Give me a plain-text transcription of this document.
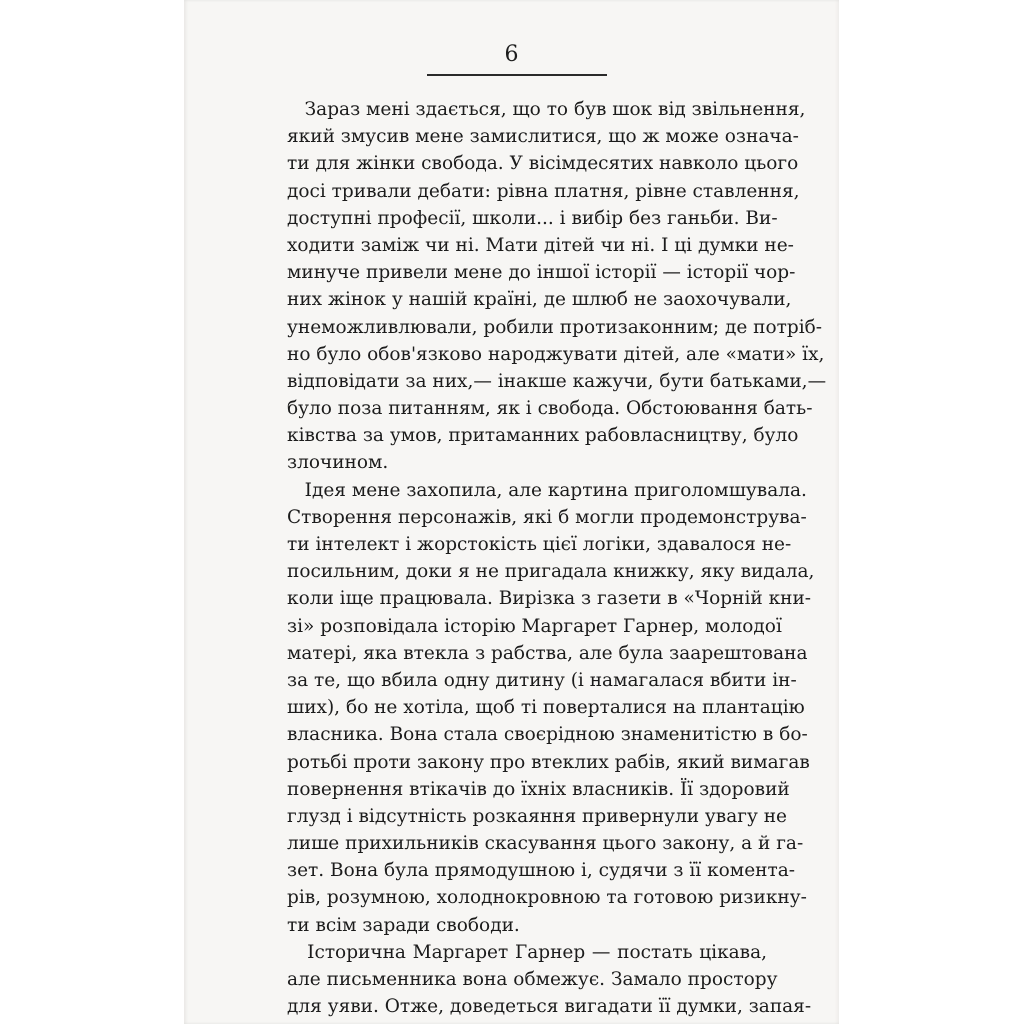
6
Зараз мені здається, що то був шок від звільнення,
який змусив мене замислитися, що ж може означа-
ти для жінки свобода. У вісімдесятих навколо цього
досі тривали дебати: рівна платня, рівне ставлення,
доступні професії, школи... і вибір без ганьби. Ви-
ходити заміж чи ні. Мати дітей чи ні. І ці думки не-
минуче привели мене до іншої історії — історії чор-
них жінок у нашій країні, де шлюб не заохочували,
унеможливлювали, робили протизаконним; де потріб-
но було обов'язково народжувати дітей, але «мати» їх,
відповідати за них,— інакше кажучи, бути батьками,—
було поза питанням, як і свобода. Обстоювання бать-
ківства за умов, притаманних рабовласництву, було
злочином.
Ідея мене захопила, але картина приголомшувала.
Створення персонажів, які б могли продемонструва-
ти інтелект і жорстокість цієї логіки, здавалося не-
посильним, доки я не пригадала книжку, яку видала,
коли іще працювала. Вирізка з газети в «Чорній кни-
зі» розповідала історію Маргарет Гарнер, молодої
матері, яка втекла з рабства, але була заарештована
за те, що вбила одну дитину (і намагалася вбити ін-
ших), бо не хотіла, щоб ті поверталися на плантацію
власника. Вона стала своєрідною знаменитістю в бо-
ротьбі проти закону про втеклих рабів, який вимагав
повернення втікачів до їхніх власників. Її здоровий
глузд і відсутність розкаяння привернули увагу не
лише прихильників скасування цього закону, а й га-
зет. Вона була прямодушною і, судячи з її коментa-
рів, розумною, холоднокровною та готовою ризикну-
ти всім заради свободи.
Історична Маргарет Гарнер — постать цікава,
але письменника вона обмежує. Замало простору
для уяви. Отже, доведеться вигадати її думки, запая-
